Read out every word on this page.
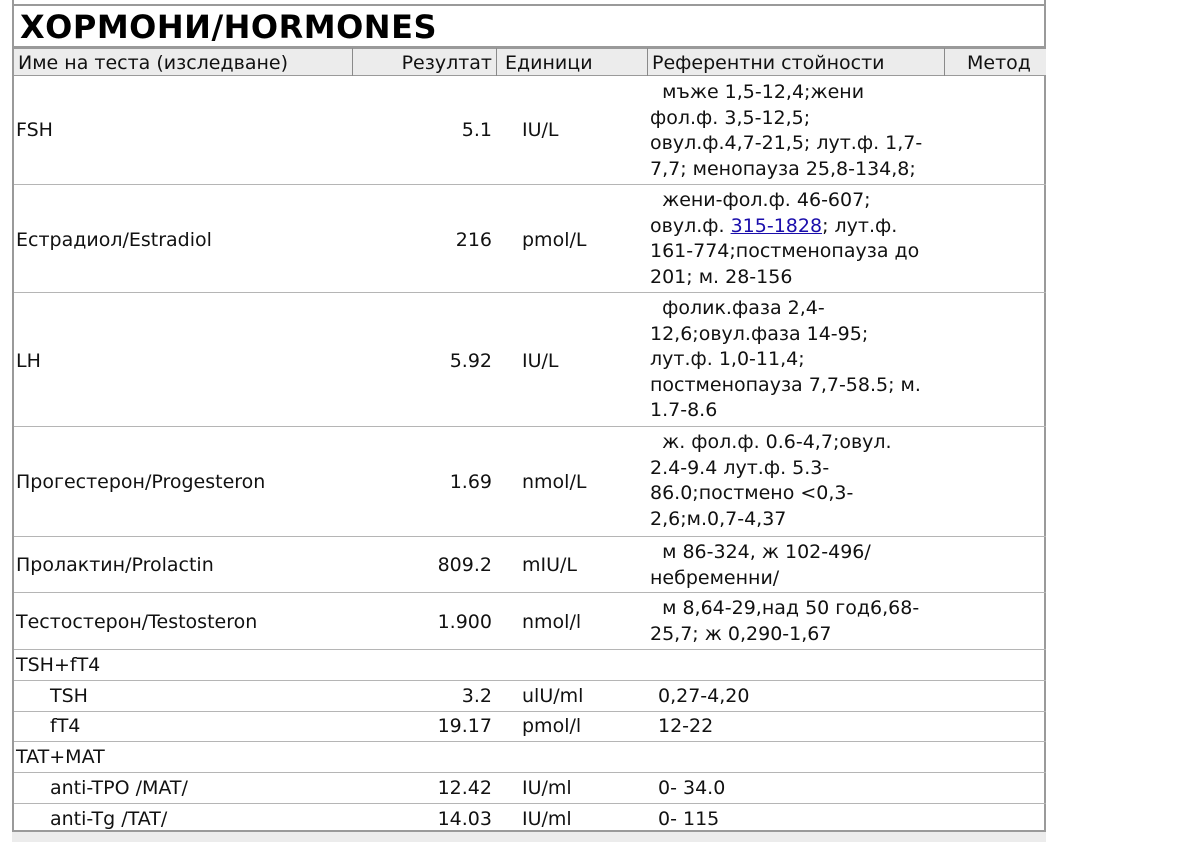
ХОРМОНИ/HORMONES
Име на теста (изследване)	Резултат Единици	Референтни стойности	Метод
FSH	5.1 IU/L
мъже 1,5-12,4;жени
фол.ф. 3,5-12,5;
овул.ф.4,7-21,5; лут.ф. 1,7-
7,7; менопауза 25,8-134,8;
Естрадиол/Estradiol	216 pmol/L
жени-фол.ф. 46-607;
овул.ф. 315-1828; лут.ф.
161-774;постменопауза до
201; м. 28-156
LH	5.92 IU/L
фолик.фаза 2,4-
12,6;овул.фаза 14-95;
лут.ф. 1,0-11,4;
постменопауза 7,7-58.5; м.
1.7-8.6
Прогестерон/Progesteron	1.69 nmol/L
ж. фол.ф. 0.6-4,7;овул.
2.4-9.4 лут.ф. 5.3-
86.0;постмено <0,3-
2,6;м.0,7-4,37
Пролактин/Prolactin	809.2 mIU/L
м 86-324, ж 102-496/
небременни/
Тестостерон/Testosteron	1.900 nmol/l
м 8,64-29,над 50 год6,68-
25,7; ж 0,290-1,67
TSH+fT4
TSH	3.2 ulU/ml	0,27-4,20
fT4	19.17 pmol/l	12-22
TAT+MAT
anti-TPO /MAT/	12.42 IU/ml	0- 34.0
anti-Tg /TAT/	14.03 IU/ml	0- 115
